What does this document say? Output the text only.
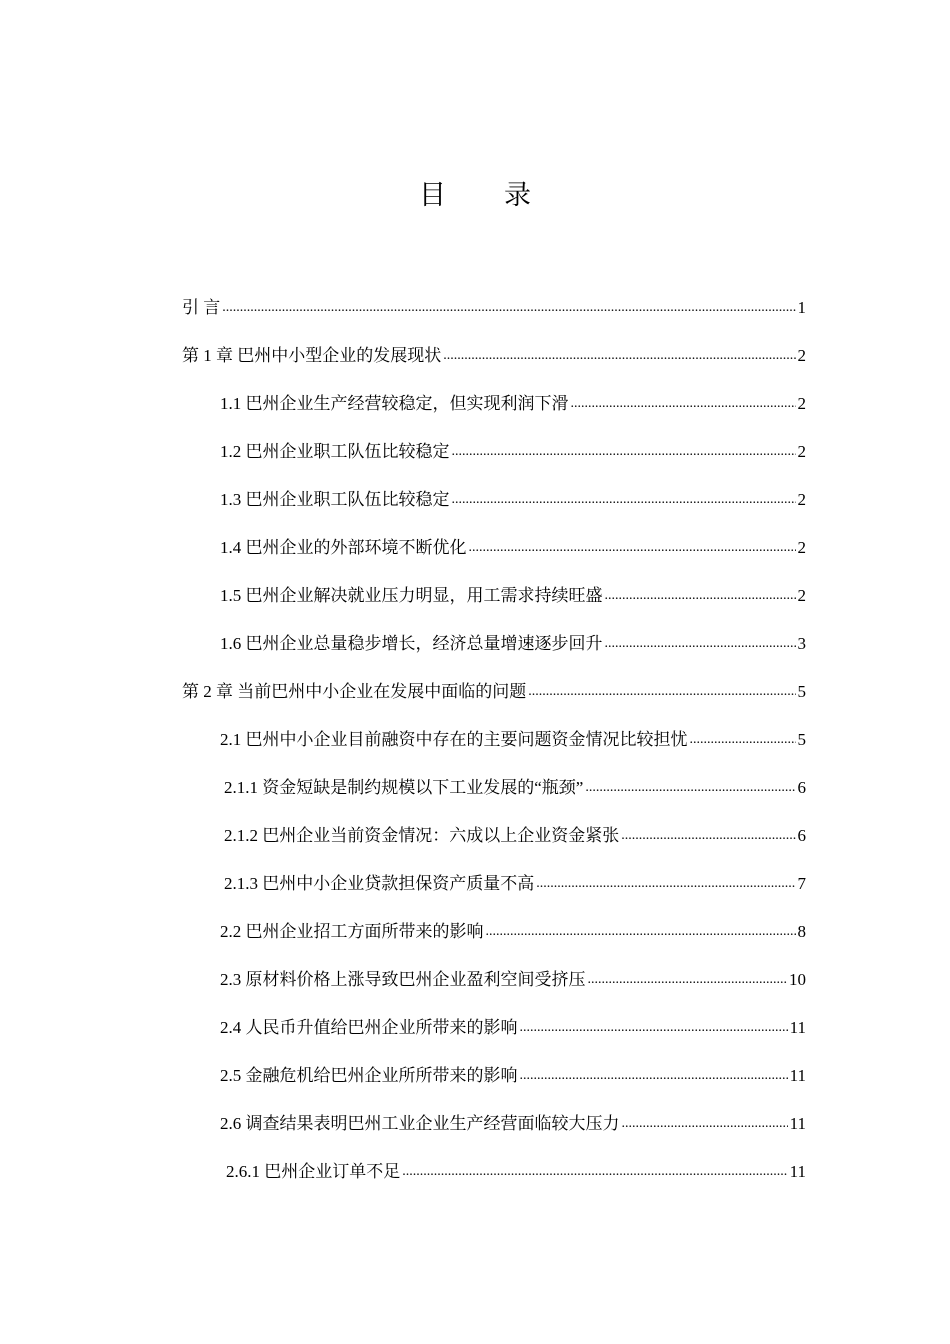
目 录
引 言 .....	1
第 1 章 巴州中小型企业的发展现状 .....	2
1.1 巴州企业生产经营较稳定，但实现利润下滑 .....	2
1.2 巴州企业职工队伍比较稳定 .....	2
1.3 巴州企业职工队伍比较稳定 .....	2
1.4 巴州企业的外部环境不断优化 .....	2
1.5 巴州企业解决就业压力明显，用工需求持续旺盛 .....	2
1.6 巴州企业总量稳步增长，经济总量增速逐步回升 .....	3
第 2 章 当前巴州中小企业在发展中面临的问题 .....	5
2.1 巴州中小企业目前融资中存在的主要问题资金情况比较担忧 .....	5
2.1.1 资金短缺是制约规模以下工业发展的“瓶颈” .....	6
2.1.2 巴州企业当前资金情况：六成以上企业资金紧张 .....	6
2.1.3 巴州中小企业贷款担保资产质量不高 .....	7
2.2 巴州企业招工方面所带来的影响 .....	8
2.3 原材料价格上涨导致巴州企业盈利空间受挤压 .....	10
2.4 人民币升值给巴州企业所带来的影响 .....	11
2.5 金融危机给巴州企业所所带来的影响 .....	11
2.6 调查结果表明巴州工业企业生产经营面临较大压力 .....	11
2.6.1 巴州企业订单不足 .....	11
